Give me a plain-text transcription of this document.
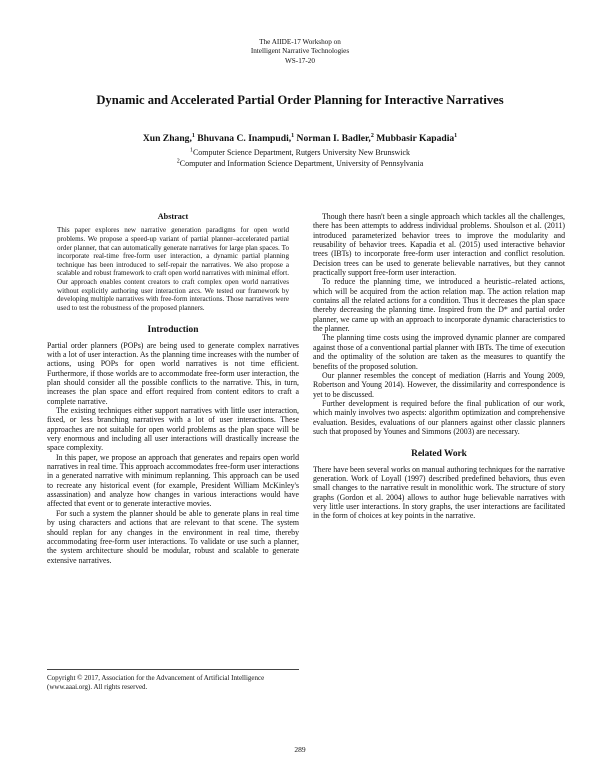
The AIIDE-17 Workshop on
Intelligent Narrative Technologies
WS-17-20
Dynamic and Accelerated Partial Order Planning for Interactive Narratives
Xun Zhang,$^1$ Bhuvana C. Inampudi,$^1$ Norman I. Badler,$^2$ Mubbasir Kapadia$^1$
$^1$Computer Science Department, Rutgers University New Brunswick
$^2$Computer and Information Science Department, University of Pennsylvania
Abstract

This paper explores new narrative generation paradigms for open world problems. We propose a speed-up variant of partial planner–accelerated partial order planner, that can automatically generate narratives for large plan spaces. To incorporate real-time free-form user interaction, a dynamic partial planning technique has been introduced to self-repair the narratives. We also propose a scalable and robust framework to craft open world narratives with minimal effort. Our approach enables content creators to craft complex open world narratives without explicitly authoring user interaction arcs. We tested our framework by developing multiple narratives with free-form interactions. Those narratives were used to test the robustness of the proposed planners.

Introduction

Partial order planners (POPs) are being used to generate complex narratives with a lot of user interaction. As the planning time increases with the number of actions, using POPs for open world narratives is not time efficient. Furthermore, if those worlds are to accommodate free-form user interaction, the plan should consider all the possible conflicts to the narrative. This, in turn, increases the plan space and effort required from content editors to craft a complete narrative.

The existing techniques either support narratives with little user interaction, fixed, or less branching narratives with a lot of user interactions. These approaches are not suitable for open world problems as the plan space will be very enormous and including all user interactions will drastically increase the space complexity.

In this paper, we propose an approach that generates and repairs open world narratives in real time. This approach accommodates free-form user interactions in a generated narrative with minimum replanning. This approach can be used to recreate any historical event (for example, President William McKinley's assassination) and analyze how changes in various interactions would have affected that event or to generate interactive movies.

For such a system the planner should be able to generate plans in real time by using characters and actions that are relevant to that scene. The system should replan for any changes in the environment in real time, thereby accommodating free-form user interactions. To validate or use such a planner, the system architecture should be modular, robust and scalable to generate extensive narratives.

Though there hasn't been a single approach which tackles all the challenges, there has been attempts to address individual problems. Shoulson et al. (2011) introduced parameterized behavior trees to improve the modularity and reusability of behavior trees. Kapadia et al. (2015) used interactive behavior trees (IBTs) to incorporate free-form user interaction and conflict resolution. Decision trees can be used to generate believable narratives, but they cannot practically support free-form user interaction.

To reduce the planning time, we introduced a heuristic–related actions, which will be acquired from the action relation map. The action relation map contains all the related actions for a condition. Thus it decreases the plan space thereby decreasing the planning time. Inspired from the D* and partial order planner, we came up with an approach to incorporate dynamic characteristics to the planner.

The planning time costs using the improved dynamic planner are compared against those of a conventional partial planner with IBTs. The time of execution and the optimality of the solution are taken as the measures to quantify the benefits of the proposed solution.

Our planner resembles the concept of mediation (Harris and Young 2009, Robertson and Young 2014). However, the dissimilarity and correspondence is yet to be discussed.

Further development is required before the final publication of our work, which mainly involves two aspects: algorithm optimization and comprehensive evaluation. Besides, evaluations of our planners against other classic planners such that proposed by Younes and Simmons (2003) are necessary.

Related Work

There have been several works on manual authoring techniques for the narrative generation. Work of Loyall (1997) described predefined behaviors, thus even small changes to the narrative result in monolithic work. The structure of story graphs (Gordon et al. 2004) allows to author huge believable narratives with very little user interactions. In story graphs, the user interactions are facilitated in the form of choices at key points in the narrative.

Copyright © 2017, Association for the Advancement of Artificial Intelligence (www.aaai.org). All rights reserved.
289
